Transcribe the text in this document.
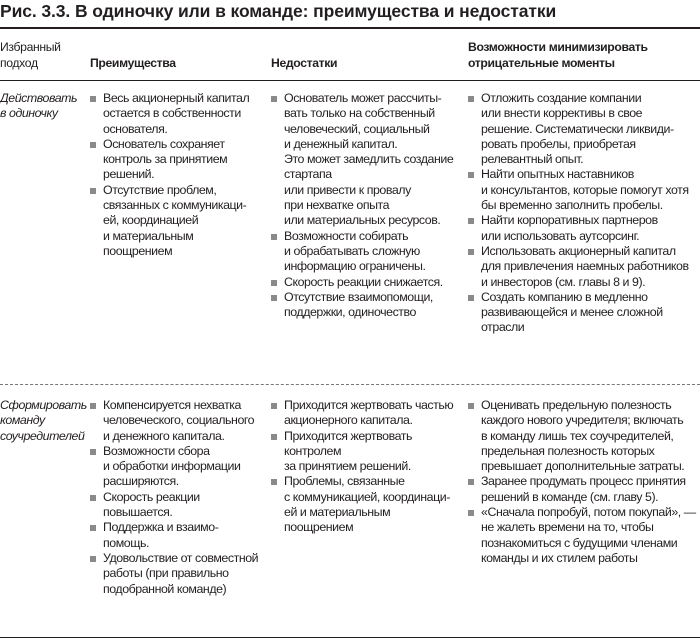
Рис. 3.3. В одиночку или в команде: преимущества и недостатки
Избранный
подход	Преимущества	Недостатки
Возможности минимизировать
отрицательные моменты
Действовать
в одиночку
Весь акционерный капитал
остается в собственности
основателя.
Основатель сохраняет
контроль за принятием
решений.
Отсутствие проблем,
связанных с коммуникаци-
ей, координацией
и материальным
поощрением
Основатель может рассчиты-
вать только на собственный
человеческий, социальный
и денежный капитал.
Это может замедлить создание
стартапа
или привести к провалу
при нехватке опыта
или материальных ресурсов.
Возможности собирать
и обрабатывать сложную
информацию ограничены.
Скорость реакции снижается.
Отсутствие взаимопомощи,
поддержки, одиночество
Отложить создание компании
или внести коррективы в свое
решение. Систематически ликвиди-
ровать пробелы, приобретая
релевантный опыт.
Найти опытных наставников
и консультантов, которые помогут хотя
бы временно заполнить пробелы.
Найти корпоративных партнеров
или использовать аутсорсинг.
Использовать акционерный капитал
для привлечения наемных работников
и инвесторов (см. главы 8 и 9).
Создать компанию в медленно
развивающейся и менее сложной
отрасли
Сформировать
команду
соучредителей
Компенсируется нехватка
человеческого, социального
и денежного капитала.
Возможности сбора
и обработки информации
расширяются.
Скорость реакции
повышается.
Поддержка и взаимо-
помощь.
Удовольствие от совместной
работы (при правильно
подобранной команде)
Приходится жертвовать частью
акционерного капитала.
Приходится жертвовать
контролем
за принятием решений.
Проблемы, связанные
с коммуникацией, координаци-
ей и материальным
поощрением
Оценивать предельную полезность
каждого нового учредителя; включать
в команду лишь тех соучредителей,
предельная полезность которых
превышает дополнительные затраты.
Заранее продумать процесс принятия
решений в команде (см. главу 5).
«Сначала попробуй, потом покупай», —
не жалеть времени на то, чтобы
познакомиться с будущими членами
команды и их стилем работы
